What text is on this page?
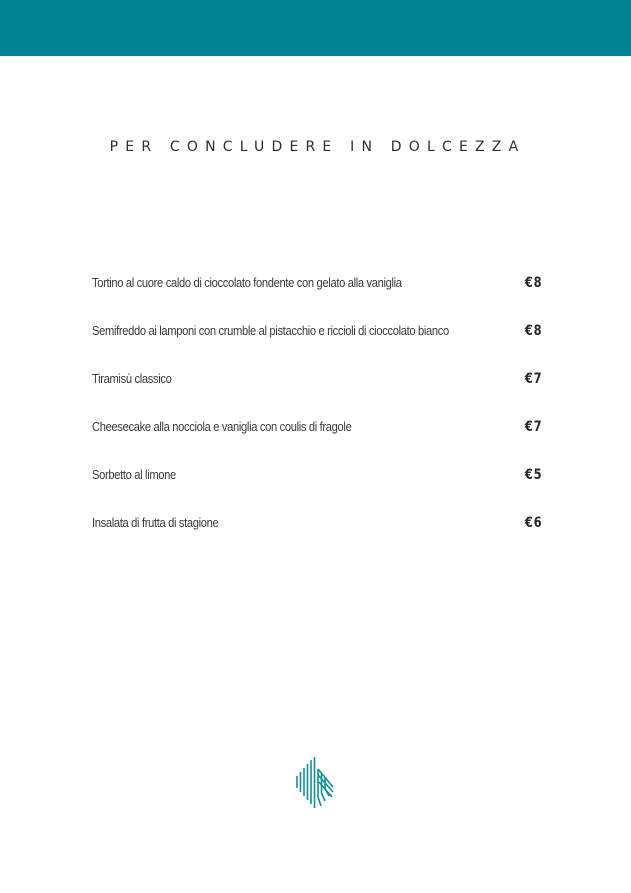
PER CONCLUDERE IN DOLCEZZA
Tortino al cuore caldo di cioccolato fondente con gelato alla vaniglia	€8
Semifreddo ai lamponi con crumble al pistacchio e riccioli di cioccolato bianco	€8
Tiramisù classico	€7
Cheesecake alla nocciola e vaniglia con coulis di fragole	€7
Sorbetto al limone	€5
Insalata di frutta di stagione	€6
